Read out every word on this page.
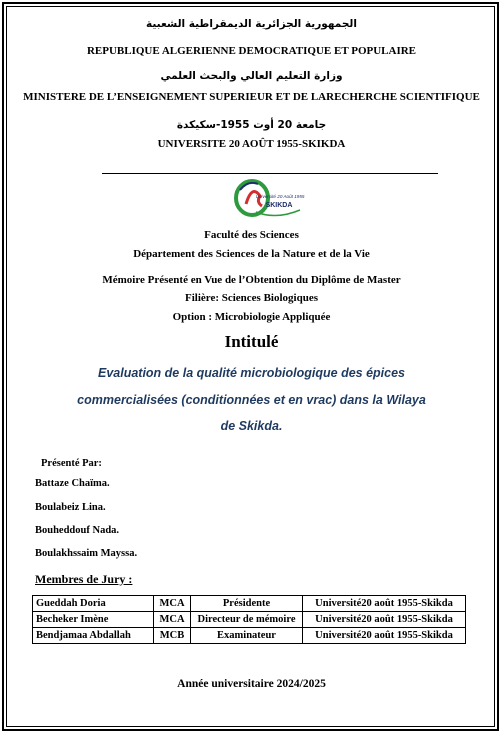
الجمهورية الجزائرية الديمقراطية الشعبية
REPUBLIQUE ALGERIENNE DEMOCRATIQUE ET POPULAIRE
وزارة التعليم العالي والبحث العلمي
MINISTERE DE L’ENSEIGNEMENT SUPERIEUR ET DE LARECHERCHE SCIENTIFIQUE
جامعة 20 أوت 1955-سكيكدة
UNIVERSITE 20 AOÛT 1955-SKIKDA
Université 20 Août 1955
SKIKDA
Faculté des Sciences
Département des Sciences de la Nature et de la Vie
Mémoire Présenté en Vue de l’Obtention du Diplôme de Master
Filière: Sciences Biologiques
Option : Microbiologie Appliquée
Intitulé
Evaluation de la qualité microbiologique des épices
commercialisées (conditionnées et en vrac) dans la Wilaya
de Skikda.
Présenté Par:
Battaze Chaïma.
Boulabeiz Lina.
Bouheddouf Nada.
Boulakhssaim Mayssa.
Membres de Jury :
Gueddah Doria	MCA	Présidente	Université20 août 1955-Skikda
Becheker Imène	MCA	Directeur de mémoire	Université20 août 1955-Skikda
Bendjamaa Abdallah	MCB	Examinateur	Université20 août 1955-Skikda
Année universitaire 2024/2025
